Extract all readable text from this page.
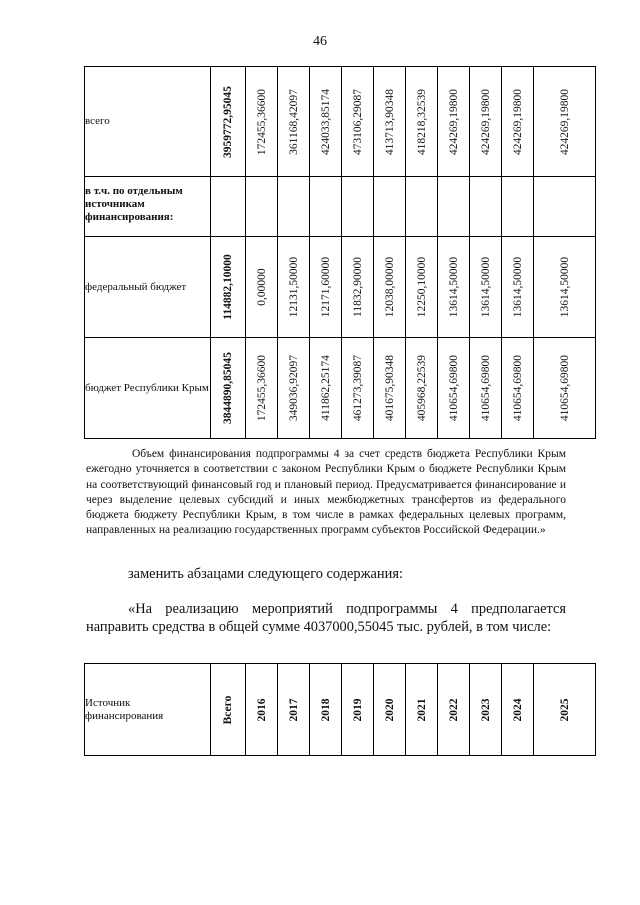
46
всего	3959772,95045	172455,36600	361168,42097	424033,85174	473106,29087	413713,90348	418218,32539	424269,19800	424269,19800	424269,19800	424269,19800

в т.ч. по отдельным источникам финансирования:											
федеральный бюджет	114882,10000	0,00000	12131,50000	12171,60000	11832,90000	12038,00000	12250,10000	13614,50000	13614,50000	13614,50000	13614,50000

бюджет Республики Крым	3844890,85045	172455,36600	349036,92097	411862,25174	461273,39087	401675,90348	405968,22539	410654,69800	410654,69800	410654,69800	410654,69800
Объем финансирования подпрограммы 4 за счет средств бюджета Республики Крым ежегодно уточняется в соответствии с законом Республики Крым о бюджете Республики Крым на соответствующий финансовый год и плановый период. Предусматривается финансирование и через выделение целевых субсидий и иных межбюджетных трансфертов из федерального бюджета бюджету Республики Крым, в том числе в рамках федеральных целевых программ, направленных на реализацию государственных программ субъектов Российской Федерации.»
заменить абзацами следующего содержания:
«На реализацию мероприятий подпрограммы 4 предполагается направить средства в общей сумме 4037000,55045 тыс. рублей, в том числе:
Источник финансирования	Всего	2016	2017	2018	2019	2020	2021	2022	2023	2024	2025
